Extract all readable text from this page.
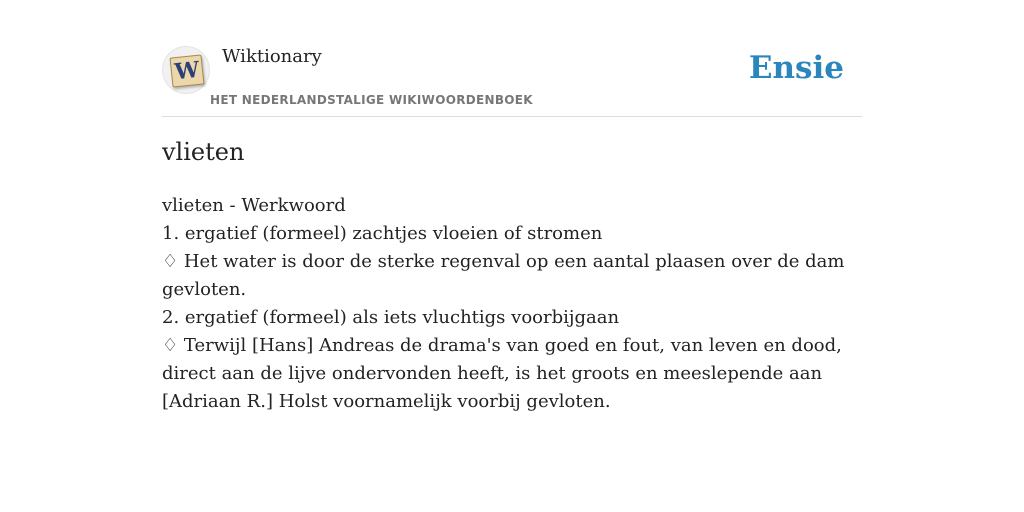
W
Wiktionary
HET NEDERLANDSTALIGE WIKIWOORDENBOEK
Ensie
vlieten

vlieten - Werkwoord

1. ergatief (formeel) zachtjes vloeien of stromen

♢ Het water is door de sterke regenval op een aantal plaasen over de dam gevloten.

2. ergatief (formeel) als iets vluchtigs voorbijgaan

♢ Terwijl [Hans] Andreas de drama's van goed en fout, van leven en dood, direct aan de lijve ondervonden heeft, is het groots en meeslepende aan [Adriaan R.] Holst voornamelijk voorbij gevloten.
